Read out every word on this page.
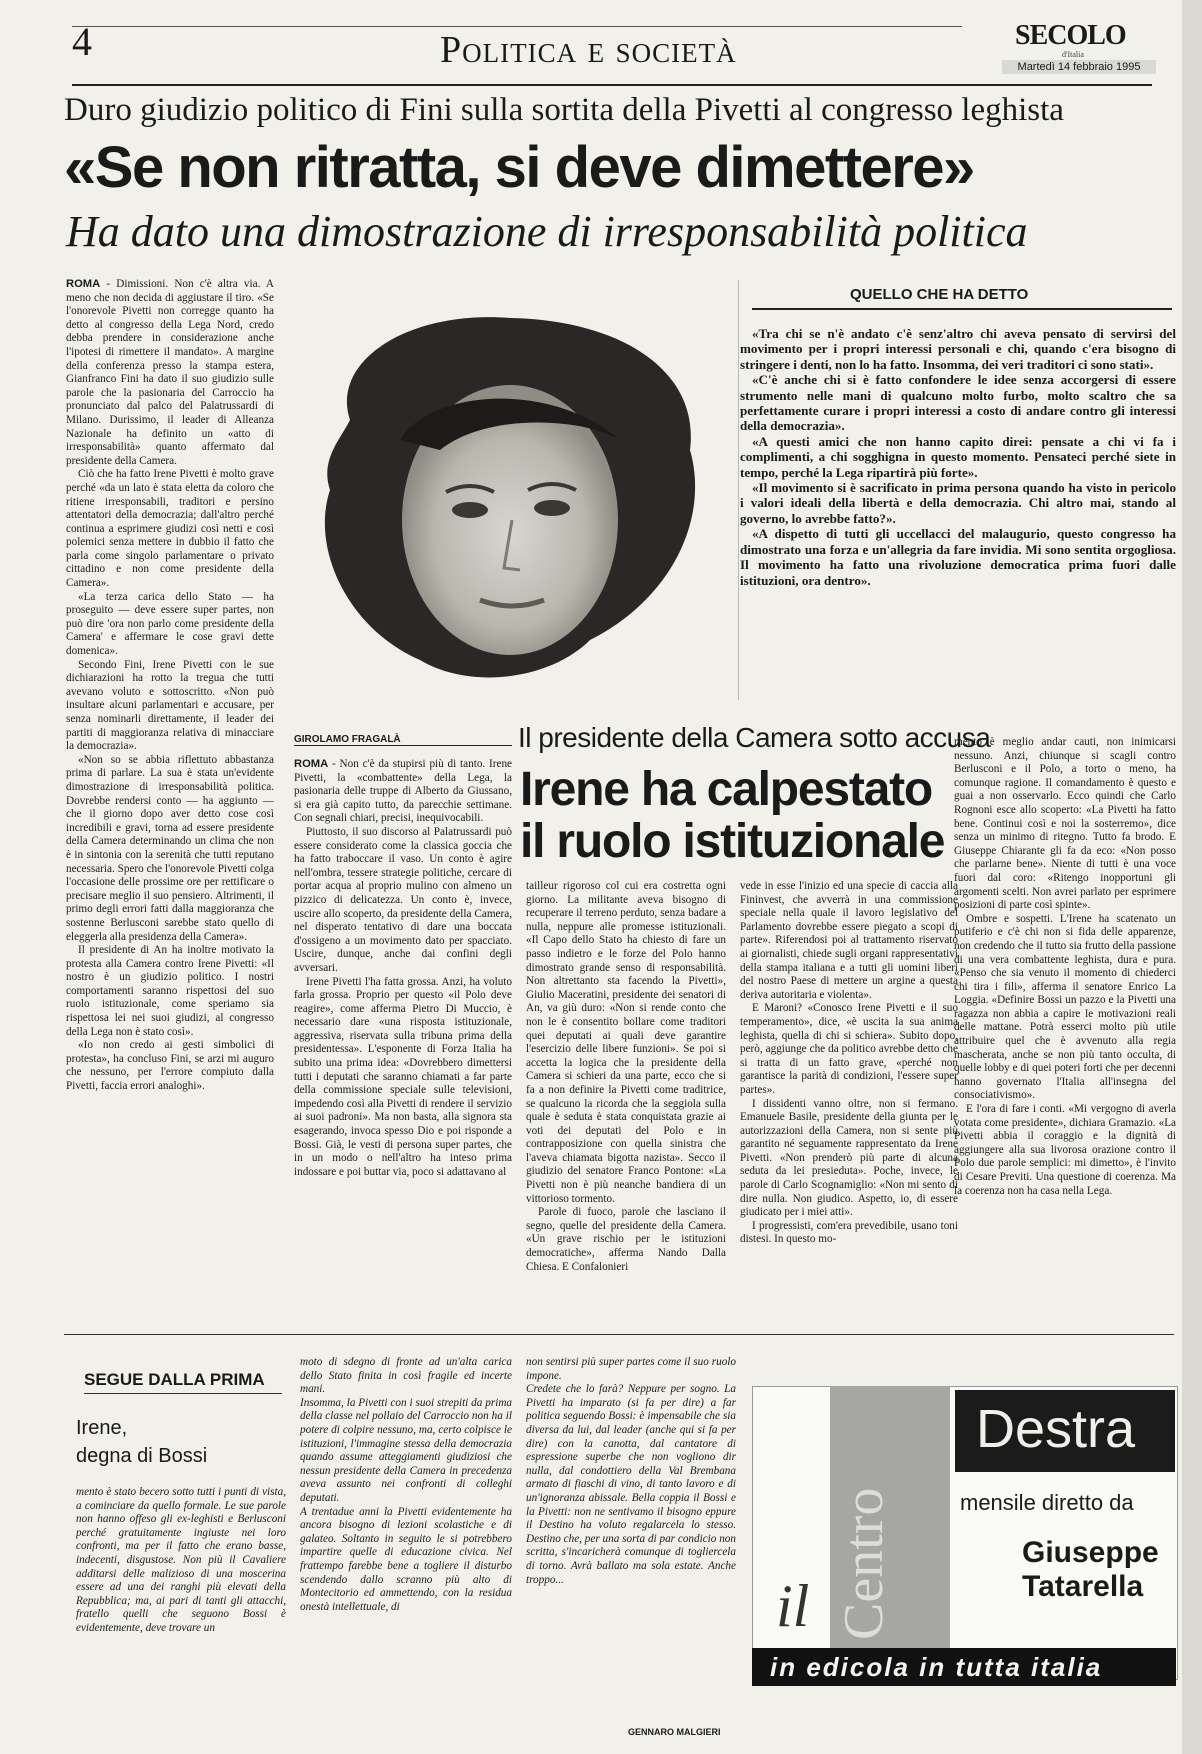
4	Politica e società	SECOLO
d'Italia
Martedì 14 febbraio 1995
Duro giudizio politico di Fini sulla sortita della Pivetti al congresso leghista
«Se non ritratta, si deve dimettere»
Ha dato una dimostrazione di irresponsabilità politica

ROMA - Dimissioni. Non c'è altra via. A meno che non decida di aggiustare il tiro. «Se l'onorevole Pivetti non corregge quanto ha detto al congresso della Lega Nord, credo debba prendere in considerazione anche l'ipotesi di rimettere il mandato». A margine della conferenza presso la stampa estera, Gianfranco Fini ha dato il suo giudizio sulle parole che la pasionaria del Carroccio ha pronunciato dal palco del Palatrussardi di Milano. Durissimo, il leader di Alleanza Nazionale ha definito un «atto di irresponsabilità» quanto affermato dal presidente della Camera.

Ciò che ha fatto Irene Pivetti è molto grave perché «da un lato è stata eletta da coloro che ritiene irresponsabili, traditori e persino attentatori della democrazia; dall'altro perché continua a esprimere giudizi così netti e così polemici senza mettere in dubbio il fatto che parla come singolo parlamentare o privato cittadino e non come presidente della Camera».

«La terza carica dello Stato — ha proseguito — deve essere super partes, non può dire 'ora non parlo come presidente della Camera' e affermare le cose gravi dette domenica».

Secondo Fini, Irene Pivetti con le sue dichiarazioni ha rotto la tregua che tutti avevano voluto e sottoscritto. «Non può insultare alcuni parlamentari e accusare, per senza nominarli direttamente, il leader dei partiti di maggioranza relativa di minacciare la democrazia».

«Non so se abbia riflettuto abbastanza prima di parlare. La sua è stata un'evidente dimostrazione di irresponsabilità politica. Dovrebbe rendersi conto — ha aggiunto — che il giorno dopo aver detto cose così incredibili e gravi, torna ad essere presidente della Camera determinando un clima che non è in sintonia con la serenità che tutti reputano necessaria. Spero che l'onorevole Pivetti colga l'occasione delle prossime ore per rettificare o precisare meglio il suo pensiero. Altrimenti, il primo degli errori fatti dalla maggioranza che sostenne Berlusconi sarebbe stato quello di eleggerla alla presidenza della Camera».

Il presidente di An ha inoltre motivato la protesta alla Camera contro Irene Pivetti: «Il nostro è un giudizio politico. I nostri comportamenti saranno rispettosi del suo ruolo istituzionale, come speriamo sia rispettosa lei nei suoi giudizi, al congresso della Lega non è stato così».

«Io non credo ai gesti simbolici di protesta», ha concluso Fini, se arzi mi auguro che nessuno, per l'errore compiuto dalla Pivetti, faccia errori analoghi».

QUELLO CHE HA DETTO

«Tra chi se n'è andato c'è senz'altro chi aveva pensato di servirsi del movimento per i propri interessi personali e chi, quando c'era bisogno di stringere i denti, non lo ha fatto. Insomma, dei veri traditori ci sono stati».

«C'è anche chi si è fatto confondere le idee senza accorgersi di essere strumento nelle mani di qualcuno molto furbo, molto scaltro che sa perfettamente curare i propri interessi a costo di andare contro gli interessi della democrazia».

«A questi amici che non hanno capito direi: pensate a chi vi fa i complimenti, a chi sogghigna in questo momento. Pensateci perché siete in tempo, perché la Lega ripartirà più forte».

«Il movimento si è sacrificato in prima persona quando ha visto in pericolo i valori ideali della libertà e della democrazia. Chi altro mai, stando al governo, lo avrebbe fatto?».

«A dispetto di tutti gli uccellacci del malaugurio, questo congresso ha dimostrato una forza e un'allegria da fare invidia. Mi sono sentita orgogliosa. Il movimento ha fatto una rivoluzione democratica prima fuori dalle istituzioni, ora dentro».

GIROLAMO FRAGALÀ	Il presidente della Camera sotto accusa
Irene ha calpestato il ruolo istituzionale

ROMA - Non c'è da stupirsi più di tanto. Irene Pivetti, la «combattente» della Lega, la pasionaria delle truppe di Alberto da Giussano, si era già capito tutto, da parecchie settimane. Con segnali chiari, precisi, inequivocabili.

Piuttosto, il suo discorso al Palatrussardi può essere considerato come la classica goccia che ha fatto traboccare il vaso. Un conto è agire nell'ombra, tessere strategie politiche, cercare di portar acqua al proprio mulino con almeno un pizzico di delicatezza. Un conto è, invece, uscire allo scoperto, da presidente della Camera, nel disperato tentativo di dare una boccata d'ossigeno a un movimento dato per spacciato. Uscire, dunque, anche dai confini degli avversari.

Irene Pivetti l'ha fatta grossa. Anzi, ha voluto farla grossa. Proprio per questo «il Polo deve reagire», come afferma Pietro Di Muccio, è necessario dare «una risposta istituzionale, aggressiva, riservata sulla tribuna prima della presidentessa». L'esponente di Forza Italia ha subito una prima idea: «Dovrebbero dimettersi tutti i deputati che saranno chiamati a far parte della commissione speciale sulle televisioni, impedendo così alla Pivetti di rendere il servizio ai suoi padroni». Ma non basta, alla signora sta esagerando, invoca spesso Dio e poi risponde a Bossi. Già, le vesti di persona super partes, che in un modo o nell'altro ha inteso prima indossare e poi buttar via, poco si adattavano al

tailleur rigoroso col cui era costretta ogni giorno. La militante aveva bisogno di recuperare il terreno perduto, senza badare a nulla, neppure alle promesse istituzionali. «Il Capo dello Stato ha chiesto di fare un passo indietro e le forze del Polo hanno dimostrato grande senso di responsabilità. Non altrettanto sta facendo la Pivetti», Giulio Maceratini, presidente dei senatori di An, va giù duro: «Non si rende conto che non le è consentito bollare come traditori quei deputati ai quali deve garantire l'esercizio delle libere funzioni». Se poi si accetta la logica che la presidente della Camera si schieri da una parte, ecco che si fa a non definire la Pivetti come traditrice, se qualcuno la ricorda che la seggiola sulla quale è seduta è stata conquistata grazie ai voti dei deputati del Polo e in contrapposizione con quella sinistra che l'aveva chiamata bigotta nazista». Secco il giudizio del senatore Franco Pontone: «La Pivetti non è più neanche bandiera di un vittorioso tormento.

Parole di fuoco, parole che lasciano il segno, quelle del presidente della Camera. «Un grave rischio per le istituzioni democratiche», afferma Nando Dalla Chiesa. E Confalonieri

vede in esse l'inizio ed una specie di caccia alla Fininvest, che avverrà in una commissione speciale nella quale il lavoro legislativo del Parlamento dovrebbe essere piegato a scopi di parte». Riferendosi poi al trattamento riservato ai giornalisti, chiede sugli organi rappresentativi della stampa italiana e a tutti gli uomini liberi del nostro Paese di mettere un argine a questa deriva autoritaria e violenta».

E Maroni? «Conosco Irene Pivetti e il suo temperamento», dice, «è uscita la sua anima leghista, quella di chi si schiera». Subito dopo, però, aggiunge che da politico avrebbe detto che si tratta di un fatto grave, «perché non garantisce la parità di condizioni, l'essere super partes».

I dissidenti vanno oltre, non si fermano. Emanuele Basile, presidente della giunta per le autorizzazioni della Camera, non si sente più garantito né seguamente rappresentato da Irene Pivetti. «Non prenderò più parte di alcuna seduta da lei presieduta». Poche, invece, le parole di Carlo Scognamiglio: «Non mi sento di dire nulla. Non giudico. Aspetto, io, di essere giudicato per i miei atti».

I progressisti, com'era prevedibile, usano toni distesi. In questo mo-

mento è meglio andar cauti, non inimicarsi nessuno. Anzi, chiunque si scagli contro Berlusconi e il Polo, a torto o meno, ha comunque ragione. Il comandamento è questo e guai a non osservarlo. Ecco quindi che Carlo Rognoni esce allo scoperto: «La Pivetti ha fatto bene. Continui così e noi la sosterremo», dice senza un minimo di ritegno. Tutto fa brodo. E Giuseppe Chiarante gli fa da eco: «Non posso che parlarne bene». Niente di tutti è una voce fuori dal coro: «Ritengo inopportuni gli argomenti scelti. Non avrei parlato per esprimere posizioni di parte così spinte».

Ombre e sospetti. L'Irene ha scatenato un putiferio e c'è chi non si fida delle apparenze, non credendo che il tutto sia frutto della passione di una vera combattente leghista, dura e pura. «Penso che sia venuto il momento di chiederci chi tira i fili», afferma il senatore Enrico La Loggia. «Definire Bossi un pazzo e la Pivetti una ragazza non abbia a capire le motivazioni reali delle mattane. Potrà esserci molto più utile attribuire quel che è avvenuto alla regia mascherata, anche se non più tanto occulta, di quelle lobby e di quei poteri forti che per decenni hanno governato l'Italia all'insegna del consociativismo».

E l'ora di fare i conti. «Mi vergogno di averla votata come presidente», dichiara Gramazio. «La Pivetti abbia il coraggio e la dignità di aggiungere alla sua livorosa orazione contro il Polo due parole semplici: mi dimetto», è l'invito di Cesare Previti. Una questione di coerenza. Ma la coerenza non ha casa nella Lega.

SEGUE DALLA PRIMA
Irene,
degna di Bossi

mento è stato becero sotto tutti i punti di vista, a cominciare da quello formale. Le sue parole non hanno offeso gli ex-leghisti e Berlusconi perché gratuitamente ingiuste nei loro confronti, ma per il fatto che erano basse, indecenti, disgustose. Non più il Cavaliere additarsi delle malizioso di una moscerina essere ad una dei ranghi più elevati della Repubblica; ma, ai pari di tanti gli attacchi, fratello quelli che seguono Bossi è evidentemente, deve trovare un

moto di sdegno di fronte ad un'alta carica dello Stato finita in così fragile ed incerte mani.
Insomma, la Pivetti con i suoi strepiti da prima della classe nel pollaio del Carroccio non ha il potere di colpire nessuno, ma, certo colpisce le istituzioni, l'immagine stessa della democrazia quando assume atteggiamenti giudiziosi che nessun presidente della Camera in precedenza aveva assunto nei confronti di colleghi deputati.
A trentadue anni la Pivetti evidentemente ha ancora bisogno di lezioni scolastiche e di galateo. Soltanto in seguito le si potrebbero impartire quelle di educazione civica. Nel frattempo farebbe bene a togliere il disturbo scendendo dallo scranno più alto di Montecitorio ed ammettendo, con la residua onestà intellettuale, di

non sentirsi più super partes come il suo ruolo impone.
Credete che lo farà? Neppure per sogno. La Pivetti ha imparato (si fa per dire) a far politica seguendo Bossi: è impensabile che sia diversa da lui, dal leader (anche qui si fa per dire) con la canotta, dal cantatore di espressione superbe che non vogliono dir nulla, dal condottiero della Val Brembana armato di fiaschi di vino, di tanto lavoro e di un'ignoranza abissale. Bella coppia il Bossi e la Pivetti: non ne sentivamo il bisogno eppure il Destino ha voluto regalarcela lo stesso. Destino che, per una sorta di par condicio non scritta, s'incaricherà comunque di togliercela di torno. Avrà ballato ma sola estate. Anche troppo...

GENNARO MALGIERI
Centro
Destra
mensile diretto da
Giuseppe
Tatarella
il
in edicola in tutta italia
